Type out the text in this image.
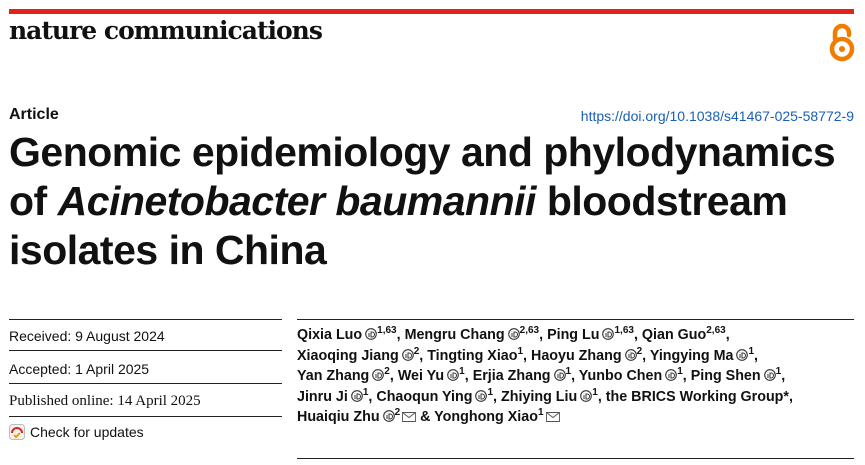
nature communications
Article	https://doi.org/10.1038/s41467-025-58772-9
Genomic epidemiology and phylodynamics of Acinetobacter baumannii bloodstream isolates in China
Received: 9 August 2024
Accepted: 1 April 2025
Published online: 14 April 2025
Check for updates
Qixia Luo $^{1,63}$, Mengru Chang $^{2,63}$, Ping Lu $^{1,63}$, Qian Guo$^{2,63}$,
Xiaoqing Jiang $^2$, Tingting Xiao$^1$, Haoyu Zhang $^2$, Yingying Ma $^1$,
Yan Zhang $^2$, Wei Yu $^1$, Erjia Zhang $^1$, Yunbo Chen $^1$, Ping Shen $^1$,
Jinru Ji $^1$, Chaoqun Ying $^1$, Zhiying Liu $^1$, the BRICS Working Group*,
Huaiqiu Zhu $^2$ & Yonghong Xiao$^1$
